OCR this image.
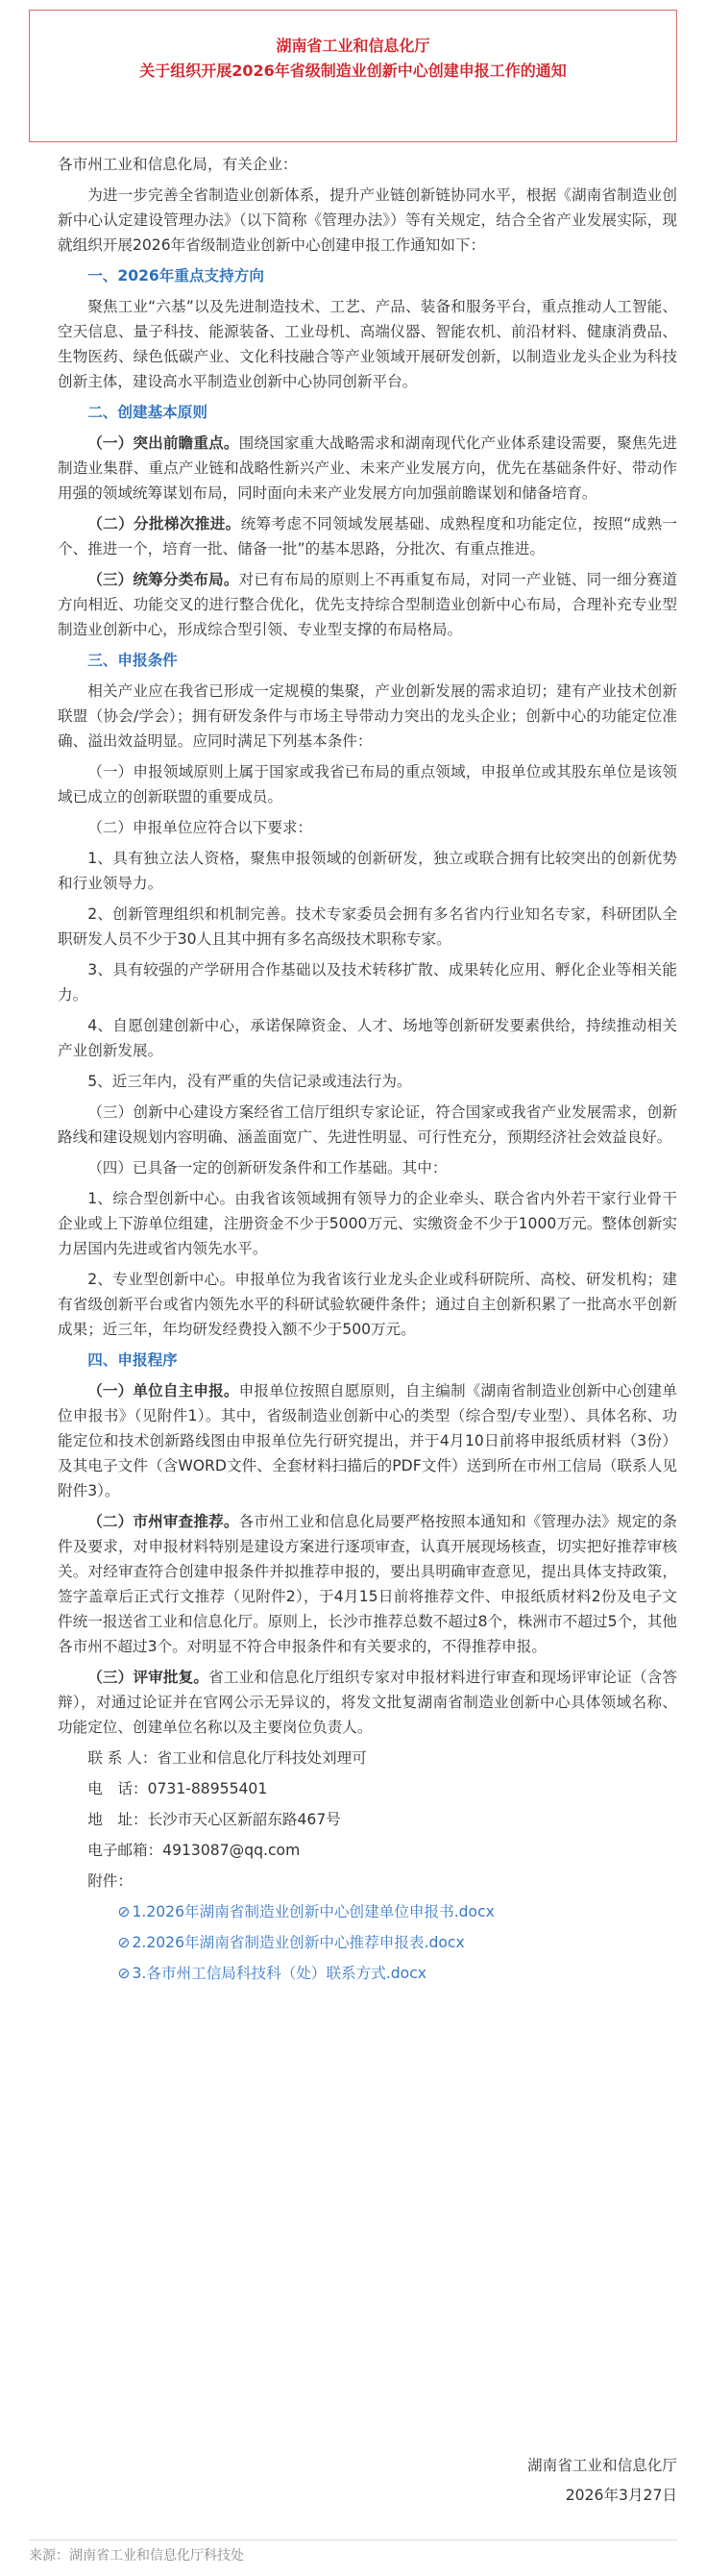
湖南省工业和信息化厅
关于组织开展2026年省级制造业创新中心创建申报工作的通知

各市州工业和信息化局，有关企业：

为进一步完善全省制造业创新体系，提升产业链创新链协同水平，根据《湖南省制造业创新中心认定建设管理办法》（以下简称《管理办法》）等有关规定，结合全省产业发展实际，现就组织开展2026年省级制造业创新中心创建申报工作通知如下：

一、2026年重点支持方向

聚焦工业“六基”以及先进制造技术、工艺、产品、装备和服务平台，重点推动人工智能、空天信息、量子科技、能源装备、工业母机、高端仪器、智能农机、前沿材料、健康消费品、生物医药、绿色低碳产业、文化科技融合等产业领域开展研发创新，以制造业龙头企业为科技创新主体，建设高水平制造业创新中心协同创新平台。

二、创建基本原则

（一）突出前瞻重点。围绕国家重大战略需求和湖南现代化产业体系建设需要，聚焦先进制造业集群、重点产业链和战略性新兴产业、未来产业发展方向，优先在基础条件好、带动作用强的领域统筹谋划布局，同时面向未来产业发展方向加强前瞻谋划和储备培育。

（二）分批梯次推进。统筹考虑不同领域发展基础、成熟程度和功能定位，按照“成熟一个、推进一个，培育一批、储备一批”的基本思路，分批次、有重点推进。

（三）统筹分类布局。对已有布局的原则上不再重复布局，对同一产业链、同一细分赛道方向相近、功能交叉的进行整合优化，优先支持综合型制造业创新中心布局，合理补充专业型制造业创新中心，形成综合型引领、专业型支撑的布局格局。

三、申报条件

相关产业应在我省已形成一定规模的集聚，产业创新发展的需求迫切；建有产业技术创新联盟（协会/学会）；拥有研发条件与市场主导带动力突出的龙头企业；创新中心的功能定位准确、溢出效益明显。应同时满足下列基本条件：

（一）申报领域原则上属于国家或我省已布局的重点领域，申报单位或其股东单位是该领域已成立的创新联盟的重要成员。

（二）申报单位应符合以下要求：

1、具有独立法人资格，聚焦申报领域的创新研发，独立或联合拥有比较突出的创新优势和行业领导力。

2、创新管理组织和机制完善。技术专家委员会拥有多名省内行业知名专家，科研团队全职研发人员不少于30人且其中拥有多名高级技术职称专家。

3、具有较强的产学研用合作基础以及技术转移扩散、成果转化应用、孵化企业等相关能力。

4、自愿创建创新中心，承诺保障资金、人才、场地等创新研发要素供给，持续推动相关产业创新发展。

5、近三年内，没有严重的失信记录或违法行为。

（三）创新中心建设方案经省工信厅组织专家论证，符合国家或我省产业发展需求，创新路线和建设规划内容明确、涵盖面宽广、先进性明显、可行性充分，预期经济社会效益良好。

（四）已具备一定的创新研发条件和工作基础。其中：

1、综合型创新中心。由我省该领域拥有领导力的企业牵头、联合省内外若干家行业骨干企业或上下游单位组建，注册资金不少于5000万元、实缴资金不少于1000万元。整体创新实力居国内先进或省内领先水平。

2、专业型创新中心。申报单位为我省该行业龙头企业或科研院所、高校、研发机构；建有省级创新平台或省内领先水平的科研试验软硬件条件；通过自主创新积累了一批高水平创新成果；近三年，年均研发经费投入额不少于500万元。

四、申报程序

（一）单位自主申报。申报单位按照自愿原则，自主编制《湖南省制造业创新中心创建单位申报书》（见附件1）。其中，省级制造业创新中心的类型（综合型/专业型）、具体名称、功能定位和技术创新路线图由申报单位先行研究提出，并于4月10日前将申报纸质材料（3份）及其电子文件（含WORD文件、全套材料扫描后的PDF文件）送到所在市州工信局（联系人见附件3）。

（二）市州审查推荐。各市州工业和信息化局要严格按照本通知和《管理办法》规定的条件及要求，对申报材料特别是建设方案进行逐项审查，认真开展现场核查，切实把好推荐审核关。对经审查符合创建申报条件并拟推荐申报的，要出具明确审查意见，提出具体支持政策，签字盖章后正式行文推荐（见附件2），于4月15日前将推荐文件、申报纸质材料2份及电子文件统一报送省工业和信息化厅。原则上，长沙市推荐总数不超过8个，株洲市不超过5个，其他各市州不超过3个。对明显不符合申报条件和有关要求的，不得推荐申报。

（三）评审批复。省工业和信息化厅组织专家对申报材料进行审查和现场评审论证（含答辩），对通过论证并在官网公示无异议的，将发文批复湖南省制造业创新中心具体领域名称、功能定位、创建单位名称以及主要岗位负责人。

联 系 人：省工业和信息化厅科技处刘理可

电　话：0731-88955401

地　址：长沙市天心区新韶东路467号

电子邮箱：4913087@qq.com

附件：

⊘ 1.2026年湖南省制造业创新中心创建单位申报书.docx

⊘ 2.2026年湖南省制造业创新中心推荐申报表.docx

⊘ 3.各市州工信局科技科（处）联系方式.docx

湖南省工业和信息化厅
2026年3月27日
来源：湖南省工业和信息化厅科技处
